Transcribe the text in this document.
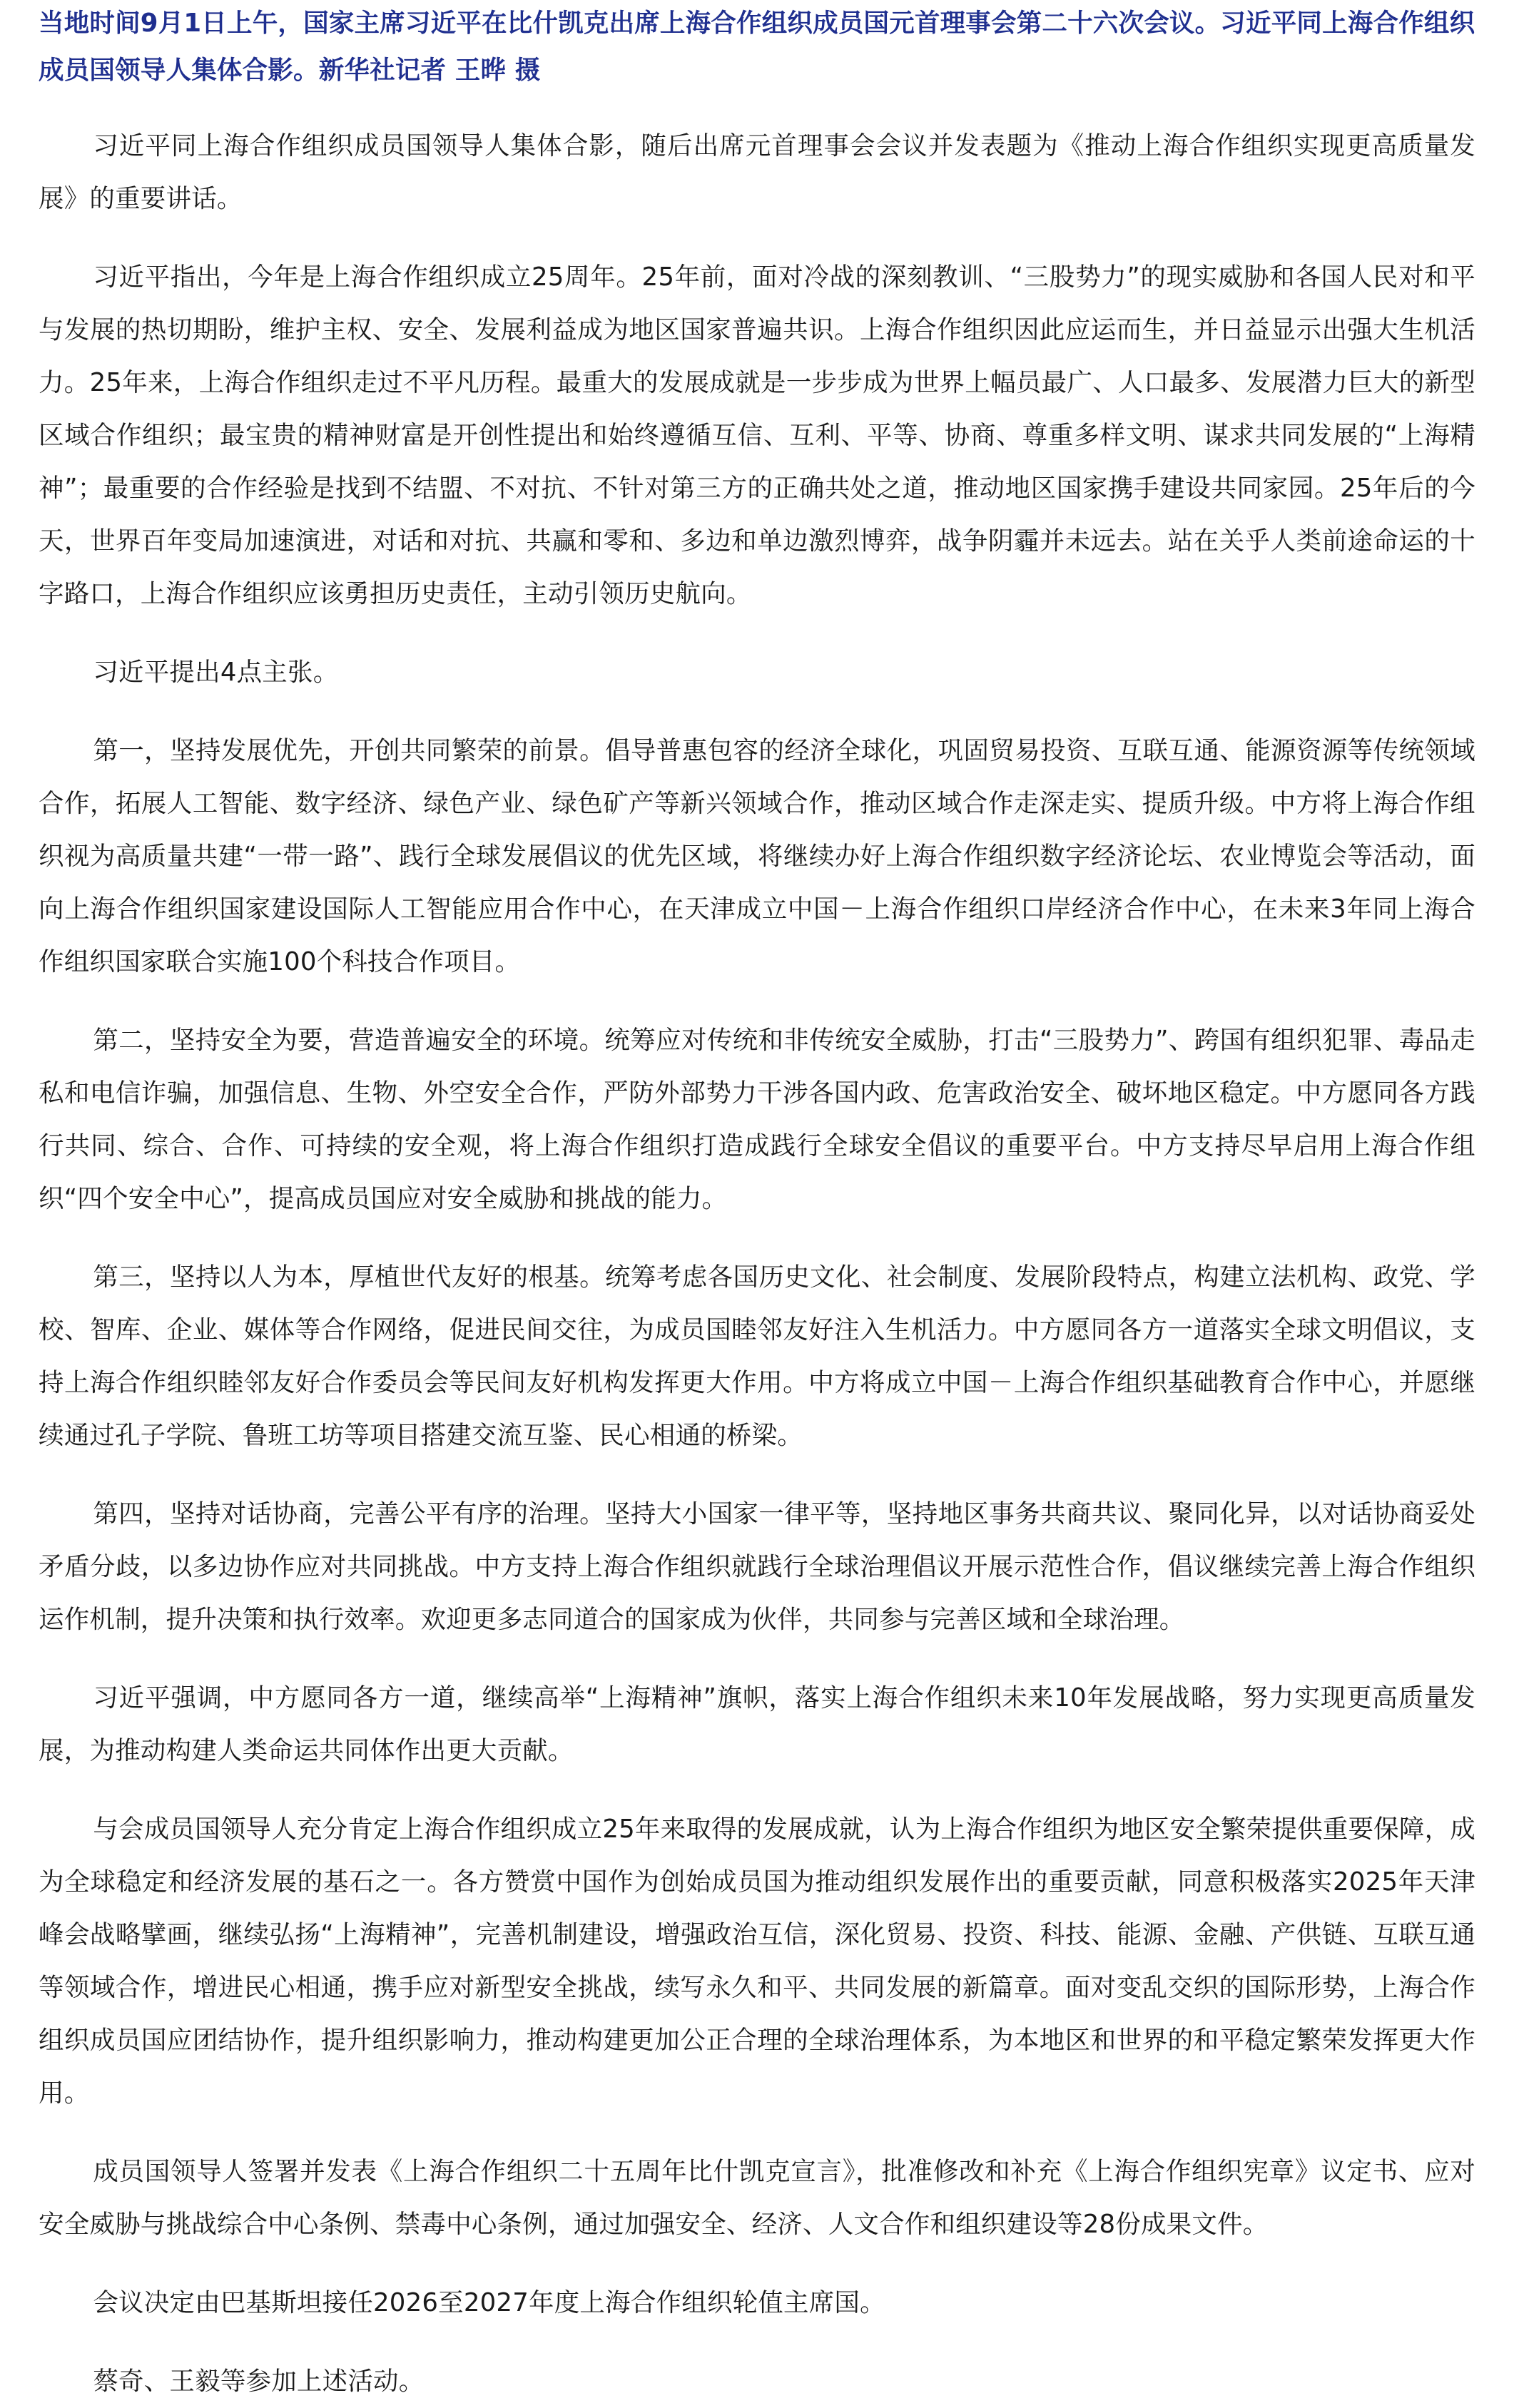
当地时间9月1日上午，国家主席习近平在比什凯克出席上海合作组织成员国元首理事会第二十六次会议。习近平同上海合作组织成员国领导人集体合影。新华社记者 王晔 摄

习近平同上海合作组织成员国领导人集体合影，随后出席元首理事会会议并发表题为《推动上海合作组织实现更高质量发展》的重要讲话。

习近平指出，今年是上海合作组织成立25周年。25年前，面对冷战的深刻教训、“三股势力”的现实威胁和各国人民对和平与发展的热切期盼，维护主权、安全、发展利益成为地区国家普遍共识。上海合作组织因此应运而生，并日益显示出强大生机活力。25年来，上海合作组织走过不平凡历程。最重大的发展成就是一步步成为世界上幅员最广、人口最多、发展潜力巨大的新型区域合作组织；最宝贵的精神财富是开创性提出和始终遵循互信、互利、平等、协商、尊重多样文明、谋求共同发展的“上海精神”；最重要的合作经验是找到不结盟、不对抗、不针对第三方的正确共处之道，推动地区国家携手建设共同家园。25年后的今天，世界百年变局加速演进，对话和对抗、共赢和零和、多边和单边激烈博弈，战争阴霾并未远去。站在关乎人类前途命运的十字路口，上海合作组织应该勇担历史责任，主动引领历史航向。

习近平提出4点主张。

第一，坚持发展优先，开创共同繁荣的前景。倡导普惠包容的经济全球化，巩固贸易投资、互联互通、能源资源等传统领域合作，拓展人工智能、数字经济、绿色产业、绿色矿产等新兴领域合作，推动区域合作走深走实、提质升级。中方将上海合作组织视为高质量共建“一带一路”、践行全球发展倡议的优先区域，将继续办好上海合作组织数字经济论坛、农业博览会等活动，面向上海合作组织国家建设国际人工智能应用合作中心，在天津成立中国－上海合作组织口岸经济合作中心，在未来3年同上海合作组织国家联合实施100个科技合作项目。

第二，坚持安全为要，营造普遍安全的环境。统筹应对传统和非传统安全威胁，打击“三股势力”、跨国有组织犯罪、毒品走私和电信诈骗，加强信息、生物、外空安全合作，严防外部势力干涉各国内政、危害政治安全、破坏地区稳定。中方愿同各方践行共同、综合、合作、可持续的安全观，将上海合作组织打造成践行全球安全倡议的重要平台。中方支持尽早启用上海合作组织“四个安全中心”，提高成员国应对安全威胁和挑战的能力。

第三，坚持以人为本，厚植世代友好的根基。统筹考虑各国历史文化、社会制度、发展阶段特点，构建立法机构、政党、学校、智库、企业、媒体等合作网络，促进民间交往，为成员国睦邻友好注入生机活力。中方愿同各方一道落实全球文明倡议，支持上海合作组织睦邻友好合作委员会等民间友好机构发挥更大作用。中方将成立中国－上海合作组织基础教育合作中心，并愿继续通过孔子学院、鲁班工坊等项目搭建交流互鉴、民心相通的桥梁。

第四，坚持对话协商，完善公平有序的治理。坚持大小国家一律平等，坚持地区事务共商共议、聚同化异，以对话协商妥处矛盾分歧，以多边协作应对共同挑战。中方支持上海合作组织就践行全球治理倡议开展示范性合作，倡议继续完善上海合作组织运作机制，提升决策和执行效率。欢迎更多志同道合的国家成为伙伴，共同参与完善区域和全球治理。

习近平强调，中方愿同各方一道，继续高举“上海精神”旗帜，落实上海合作组织未来10年发展战略，努力实现更高质量发展，为推动构建人类命运共同体作出更大贡献。

与会成员国领导人充分肯定上海合作组织成立25年来取得的发展成就，认为上海合作组织为地区安全繁荣提供重要保障，成为全球稳定和经济发展的基石之一。各方赞赏中国作为创始成员国为推动组织发展作出的重要贡献，同意积极落实2025年天津峰会战略擘画，继续弘扬“上海精神”，完善机制建设，增强政治互信，深化贸易、投资、科技、能源、金融、产供链、互联互通等领域合作，增进民心相通，携手应对新型安全挑战，续写永久和平、共同发展的新篇章。面对变乱交织的国际形势，上海合作组织成员国应团结协作，提升组织影响力，推动构建更加公正合理的全球治理体系，为本地区和世界的和平稳定繁荣发挥更大作用。

成员国领导人签署并发表《上海合作组织二十五周年比什凯克宣言》，批准修改和补充《上海合作组织宪章》议定书、应对安全威胁与挑战综合中心条例、禁毒中心条例，通过加强安全、经济、人文合作和组织建设等28份成果文件。

会议决定由巴基斯坦接任2026至2027年度上海合作组织轮值主席国。

蔡奇、王毅等参加上述活动。
